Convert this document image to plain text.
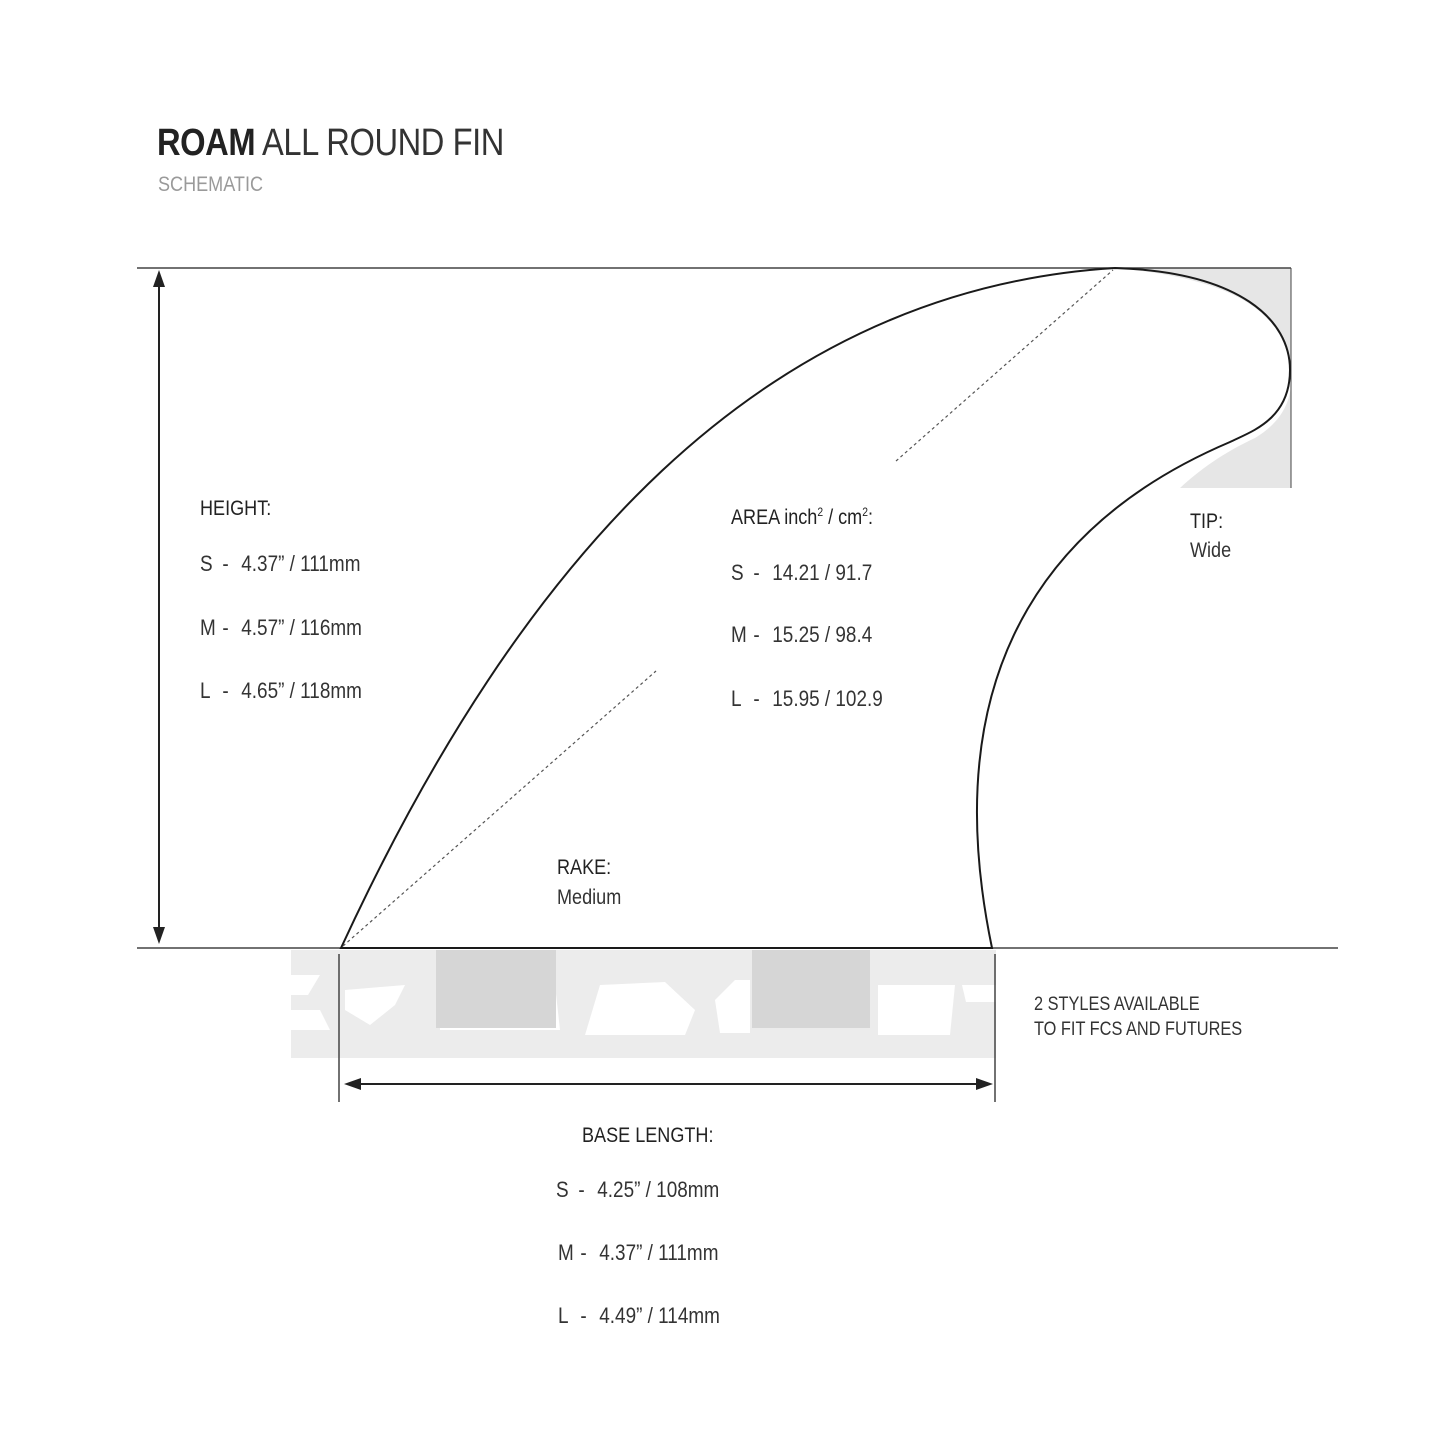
ROAM ALL ROUND FIN
SCHEMATIC
HEIGHT:
S - 4.37” / 111mm
M - 4.57” / 116mm
L - 4.65” / 118mm
AREA inch$^2$ / $cm^2$:
S - 14.21 / 91.7
M - 15.25 / 98.4
L - 15.95 / 102.9
TIP:
Wide
RAKE:
Medium
2 STYLES AVAILABLE
TO FIT FCS AND FUTURES
BASE LENGTH:
S - 4.25” / 108mm
M - 4.37” / 111mm
L - 4.49” / 114mm
